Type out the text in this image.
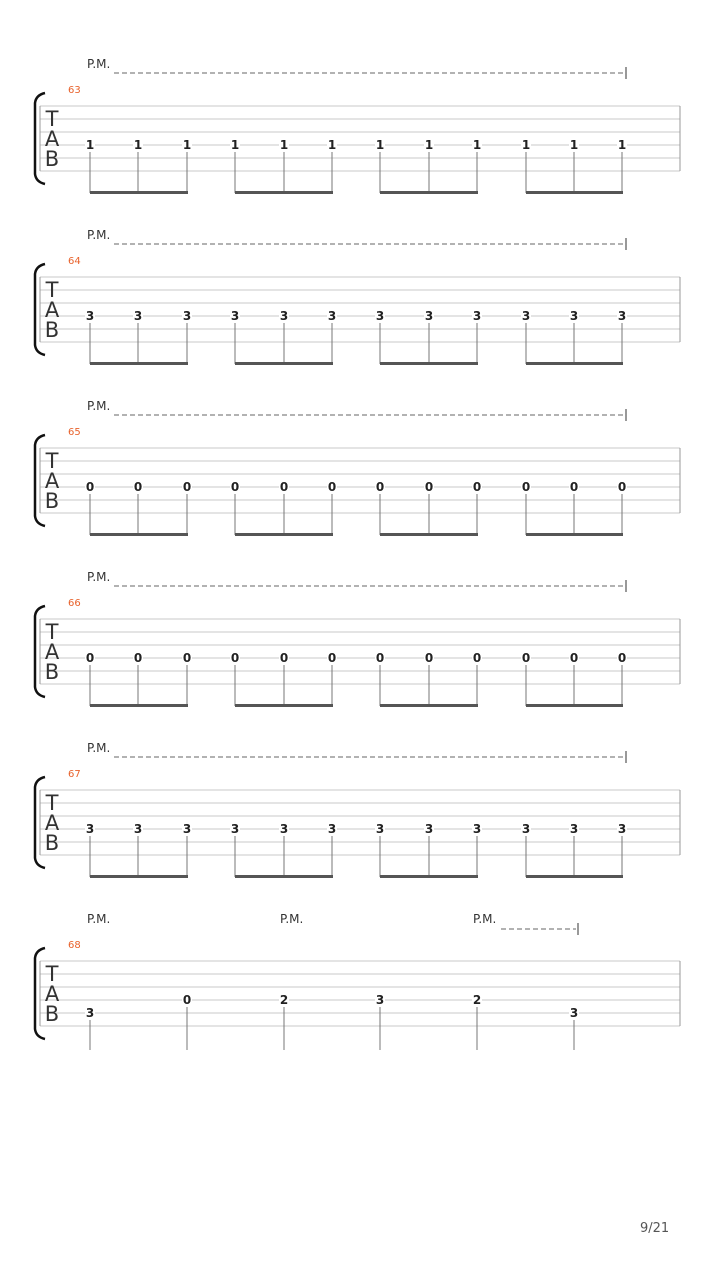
P.M.
63
T
A
B
1	1	1	1	1	1	1	1	1	1	1	1
P.M.
64
T
A
B
3	3	3	3	3	3	3	3	3	3	3	3
P.M.
65
T
A
B
0	0	0	0	0	0	0	0	0	0	0	0
P.M.
66
T
A
B
0	0	0	0	0	0	0	0	0	0	0	0
P.M.
67
T
A
B
3	3	3	3	3	3	3	3	3	3	3	3
P.M.	P.M.	P.M.
68
T
A
B 3
0	2	3	2
3
9/21
